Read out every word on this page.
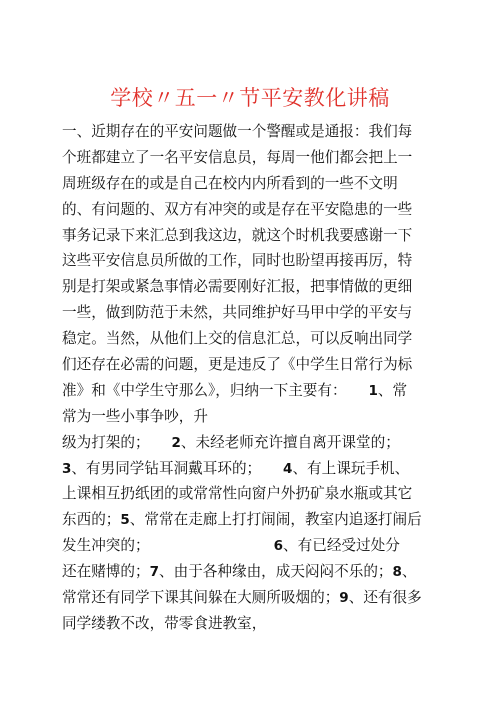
学校〃五一〃节平安教化讲稿
一、近期存在的平安问题做一个警醒或是通报：我们每
个班都建立了一名平安信息员，每周一他们都会把上一
周班级存在的或是自己在校内内所看到的一些不文明
的、有问题的、双方有冲突的或是存在平安隐患的一些
事务记录下来汇总到我这边，就这个时机我要感谢一下
这些平安信息员所做的工作，同时也盼望再接再厉，特
别是打架或紧急事情必需要刚好汇报，把事情做的更细
一些，做到防范于未然，共同维护好马甲中学的平安与
稳定。当然，从他们上交的信息汇总，可以反响出同学
们还存在必需的问题，更是违反了《中学生日常行为标
准》和《中学生守那么》，归纳一下主要有：　　1、常
常为一些小事争吵，升
级为打架的；　　2、未经老师充许擅自离开课堂的；
3、有男同学钻耳洞戴耳环的；　　4、有上课玩手机、
上课相互扔纸团的或常常性向窗户外扔矿泉水瓶或其它
东西的；5、常常在走廊上打打闹闹，教室内追逐打闹后
发生冲突的；　　　　　　　　　6、有已经受过处分
还在赌博的；7、由于各种缘由，成天闷闷不乐的；8、
常常还有同学下课其间躲在大厕所吸烟的；9、还有很多
同学缕教不改，带零食进教室，
